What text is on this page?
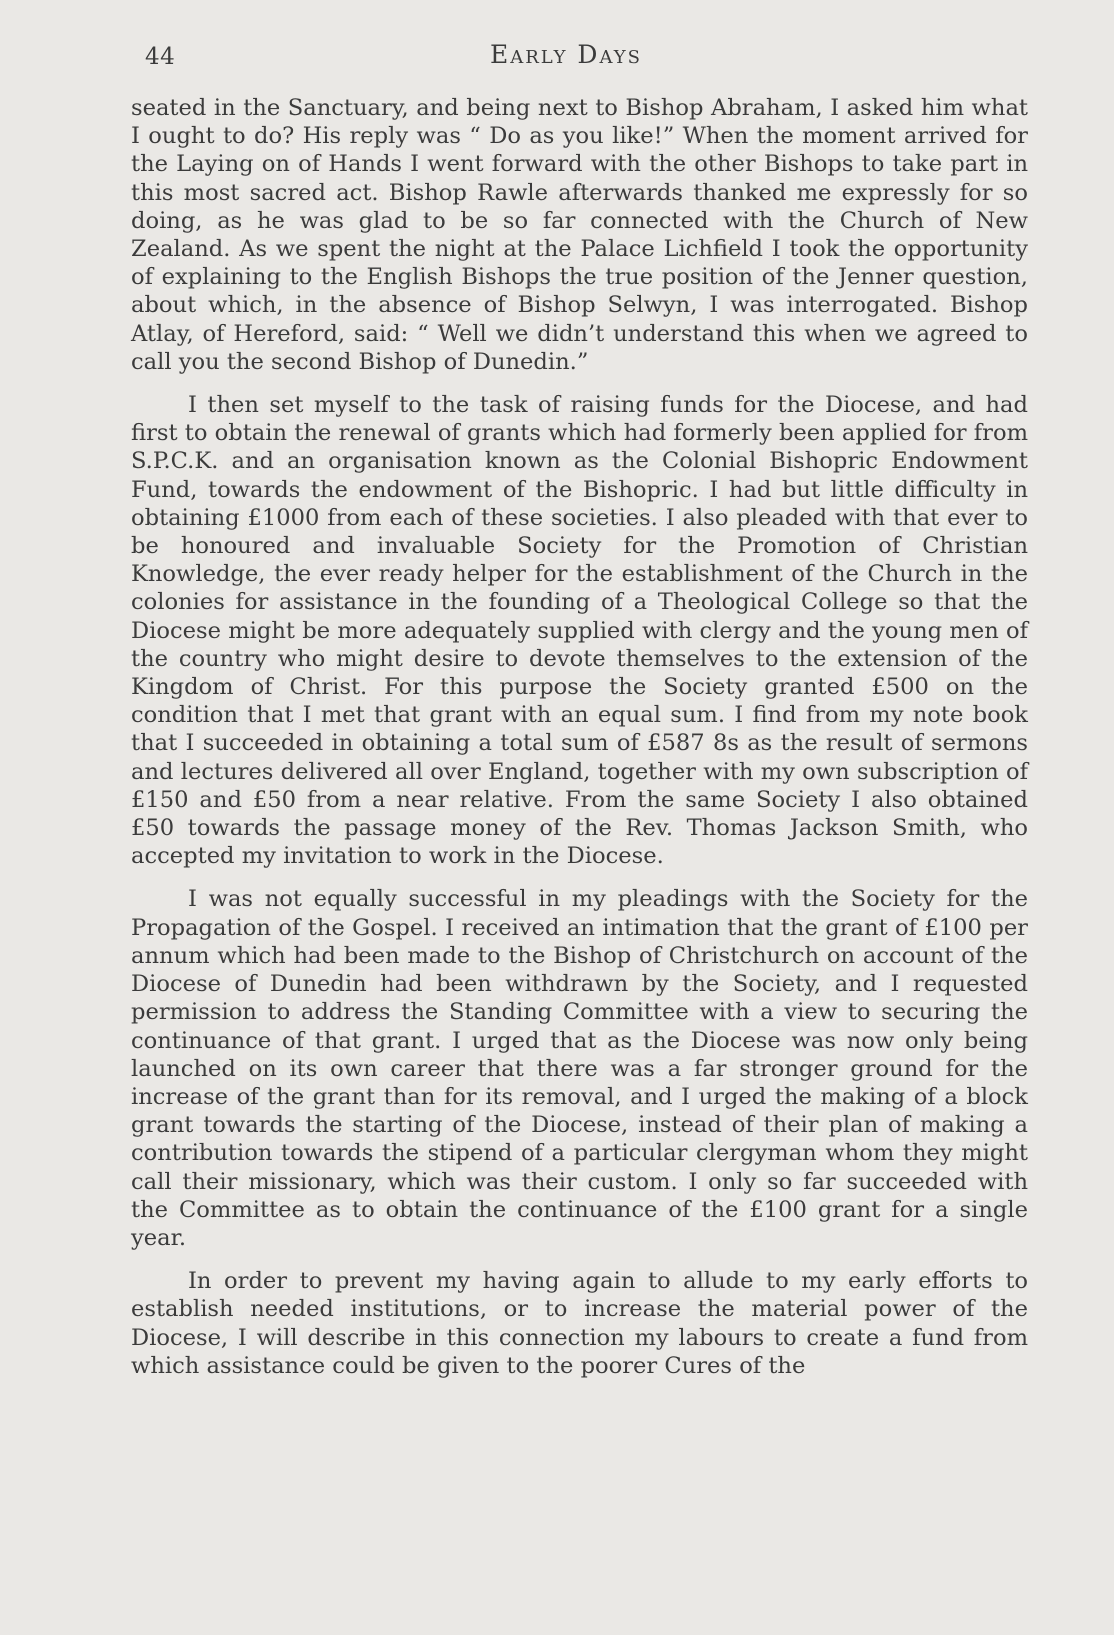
44	Early Days

seated in the Sanctuary, and being next to Bishop Abraham, I asked him what I ought to do? His reply was “ Do as you like!” When the moment arrived for the Laying on of Hands I went forward with the other Bishops to take part in this most sacred act. Bishop Rawle afterwards thanked me expressly for so doing, as he was glad to be so far connected with the Church of New Zealand. As we spent the night at the Palace Lichfield I took the opportunity of explaining to the English Bishops the true position of the Jenner question, about which, in the absence of Bishop Selwyn, I was interrogated. Bishop Atlay, of Hereford, said: “ Well we didn’t understand this when we agreed to call you the second Bishop of Dunedin.”

I then set myself to the task of raising funds for the Diocese, and had first to obtain the renewal of grants which had formerly been applied for from S.P.C.K. and an organisation known as the Colonial Bishopric Endowment Fund, towards the endowment of the Bishopric. I had but little difficulty in obtaining £1000 from each of these societies. I also pleaded with that ever to be honoured and invaluable Society for the Promotion of Christian Knowledge, the ever ready helper for the establishment of the Church in the colonies for assistance in the founding of a Theological College so that the Diocese might be more adequately supplied with clergy and the young men of the country who might desire to devote themselves to the extension of the Kingdom of Christ. For this purpose the Society granted £500 on the condition that I met that grant with an equal sum. I find from my note book that I succeeded in obtaining a total sum of £587 8s as the result of sermons and lectures delivered all over England, together with my own subscription of £150 and £50 from a near relative. From the same Society I also obtained £50 towards the passage money of the Rev. Thomas Jackson Smith, who accepted my invitation to work in the Diocese.

I was not equally successful in my pleadings with the Society for the Propagation of the Gospel. I received an intimation that the grant of £100 per annum which had been made to the Bishop of Christchurch on account of the Diocese of Dunedin had been withdrawn by the Society, and I requested permission to address the Standing Committee with a view to securing the continuance of that grant. I urged that as the Diocese was now only being launched on its own career that there was a far stronger ground for the increase of the grant than for its removal, and I urged the making of a block grant towards the starting of the Diocese, instead of their plan of making a contribution towards the stipend of a particular clergyman whom they might call their missionary, which was their custom. I only so far succeeded with the Committee as to obtain the continuance of the £100 grant for a single year.

In order to prevent my having again to allude to my early efforts to establish needed institutions, or to increase the material power of the Diocese, I will describe in this connection my labours to create a fund from which assistance could be given to the poorer Cures of the
